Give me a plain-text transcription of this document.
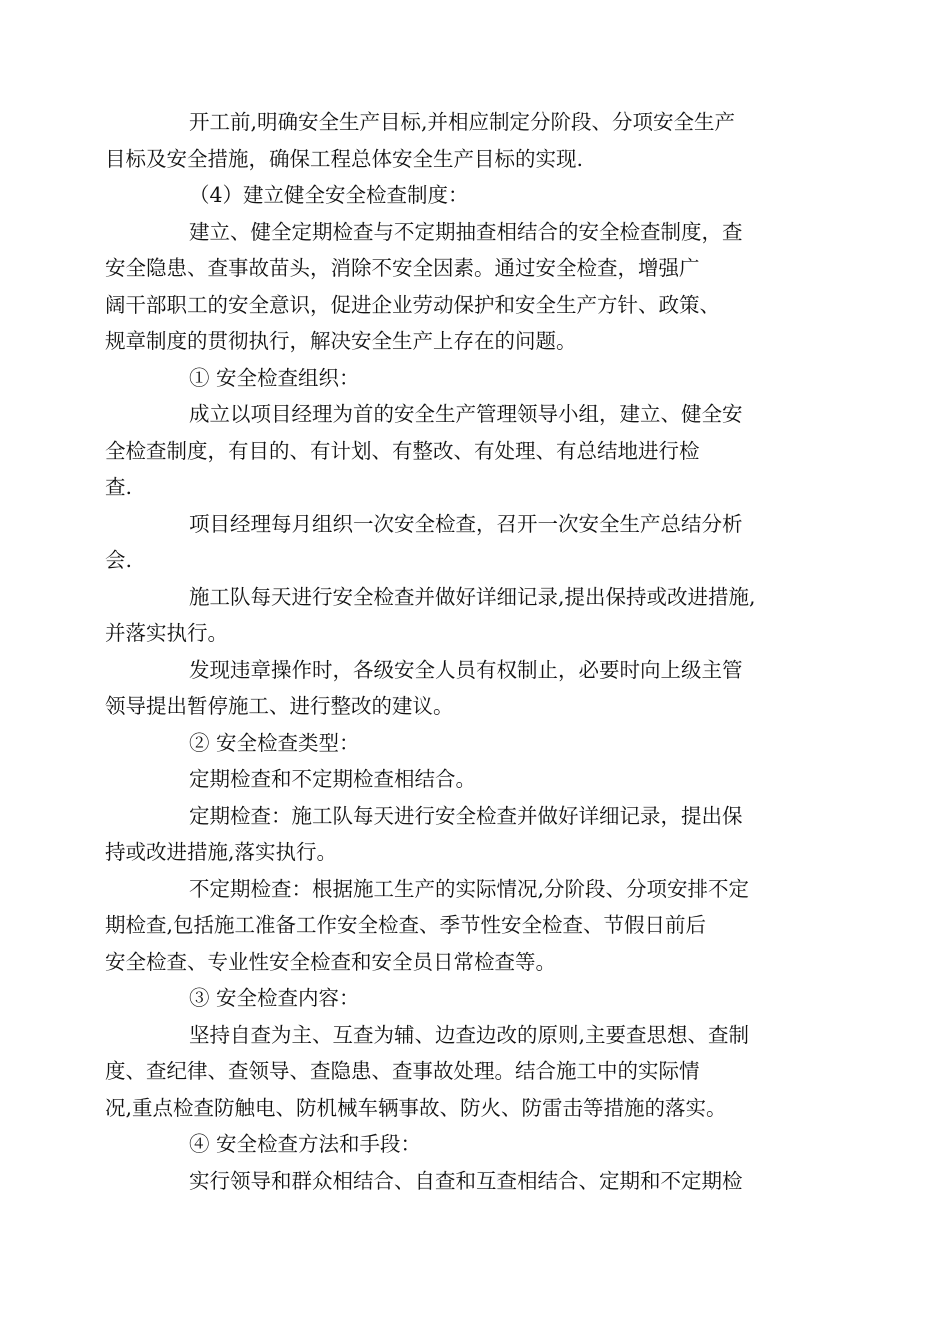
开工前,明确安全生产目标,并相应制定分阶段、分项安全生产
目标及安全措施，确保工程总体安全生产目标的实现.
（4）建立健全安全检查制度：
建立、健全定期检查与不定期抽查相结合的安全检查制度，查
安全隐患、查事故苗头，消除不安全因素。通过安全检查，增强广
阔干部职工的安全意识，促进企业劳动保护和安全生产方针、政策、
规章制度的贯彻执行，解决安全生产上存在的问题。
① 安全检查组织：
成立以项目经理为首的安全生产管理领导小组，建立、健全安
全检查制度，有目的、有计划、有整改、有处理、有总结地进行检
查.
项目经理每月组织一次安全检查，召开一次安全生产总结分析
会.
施工队每天进行安全检查并做好详细记录,提出保持或改进措施,
并落实执行。
发现违章操作时，各级安全人员有权制止，必要时向上级主管
领导提出暂停施工、进行整改的建议。
② 安全检查类型：
定期检查和不定期检查相结合。
定期检查：施工队每天进行安全检查并做好详细记录，提出保
持或改进措施,落实执行。
不定期检查：根据施工生产的实际情况,分阶段、分项安排不定
期检查,包括施工准备工作安全检查、季节性安全检查、节假日前后
安全检查、专业性安全检查和安全员日常检查等。
③ 安全检查内容：
坚持自查为主、互查为辅、边查边改的原则,主要查思想、查制
度、查纪律、查领导、查隐患、查事故处理。结合施工中的实际情
况,重点检查防触电、防机械车辆事故、防火、防雷击等措施的落实。
④ 安全检查方法和手段：
实行领导和群众相结合、自查和互查相结合、定期和不定期检
